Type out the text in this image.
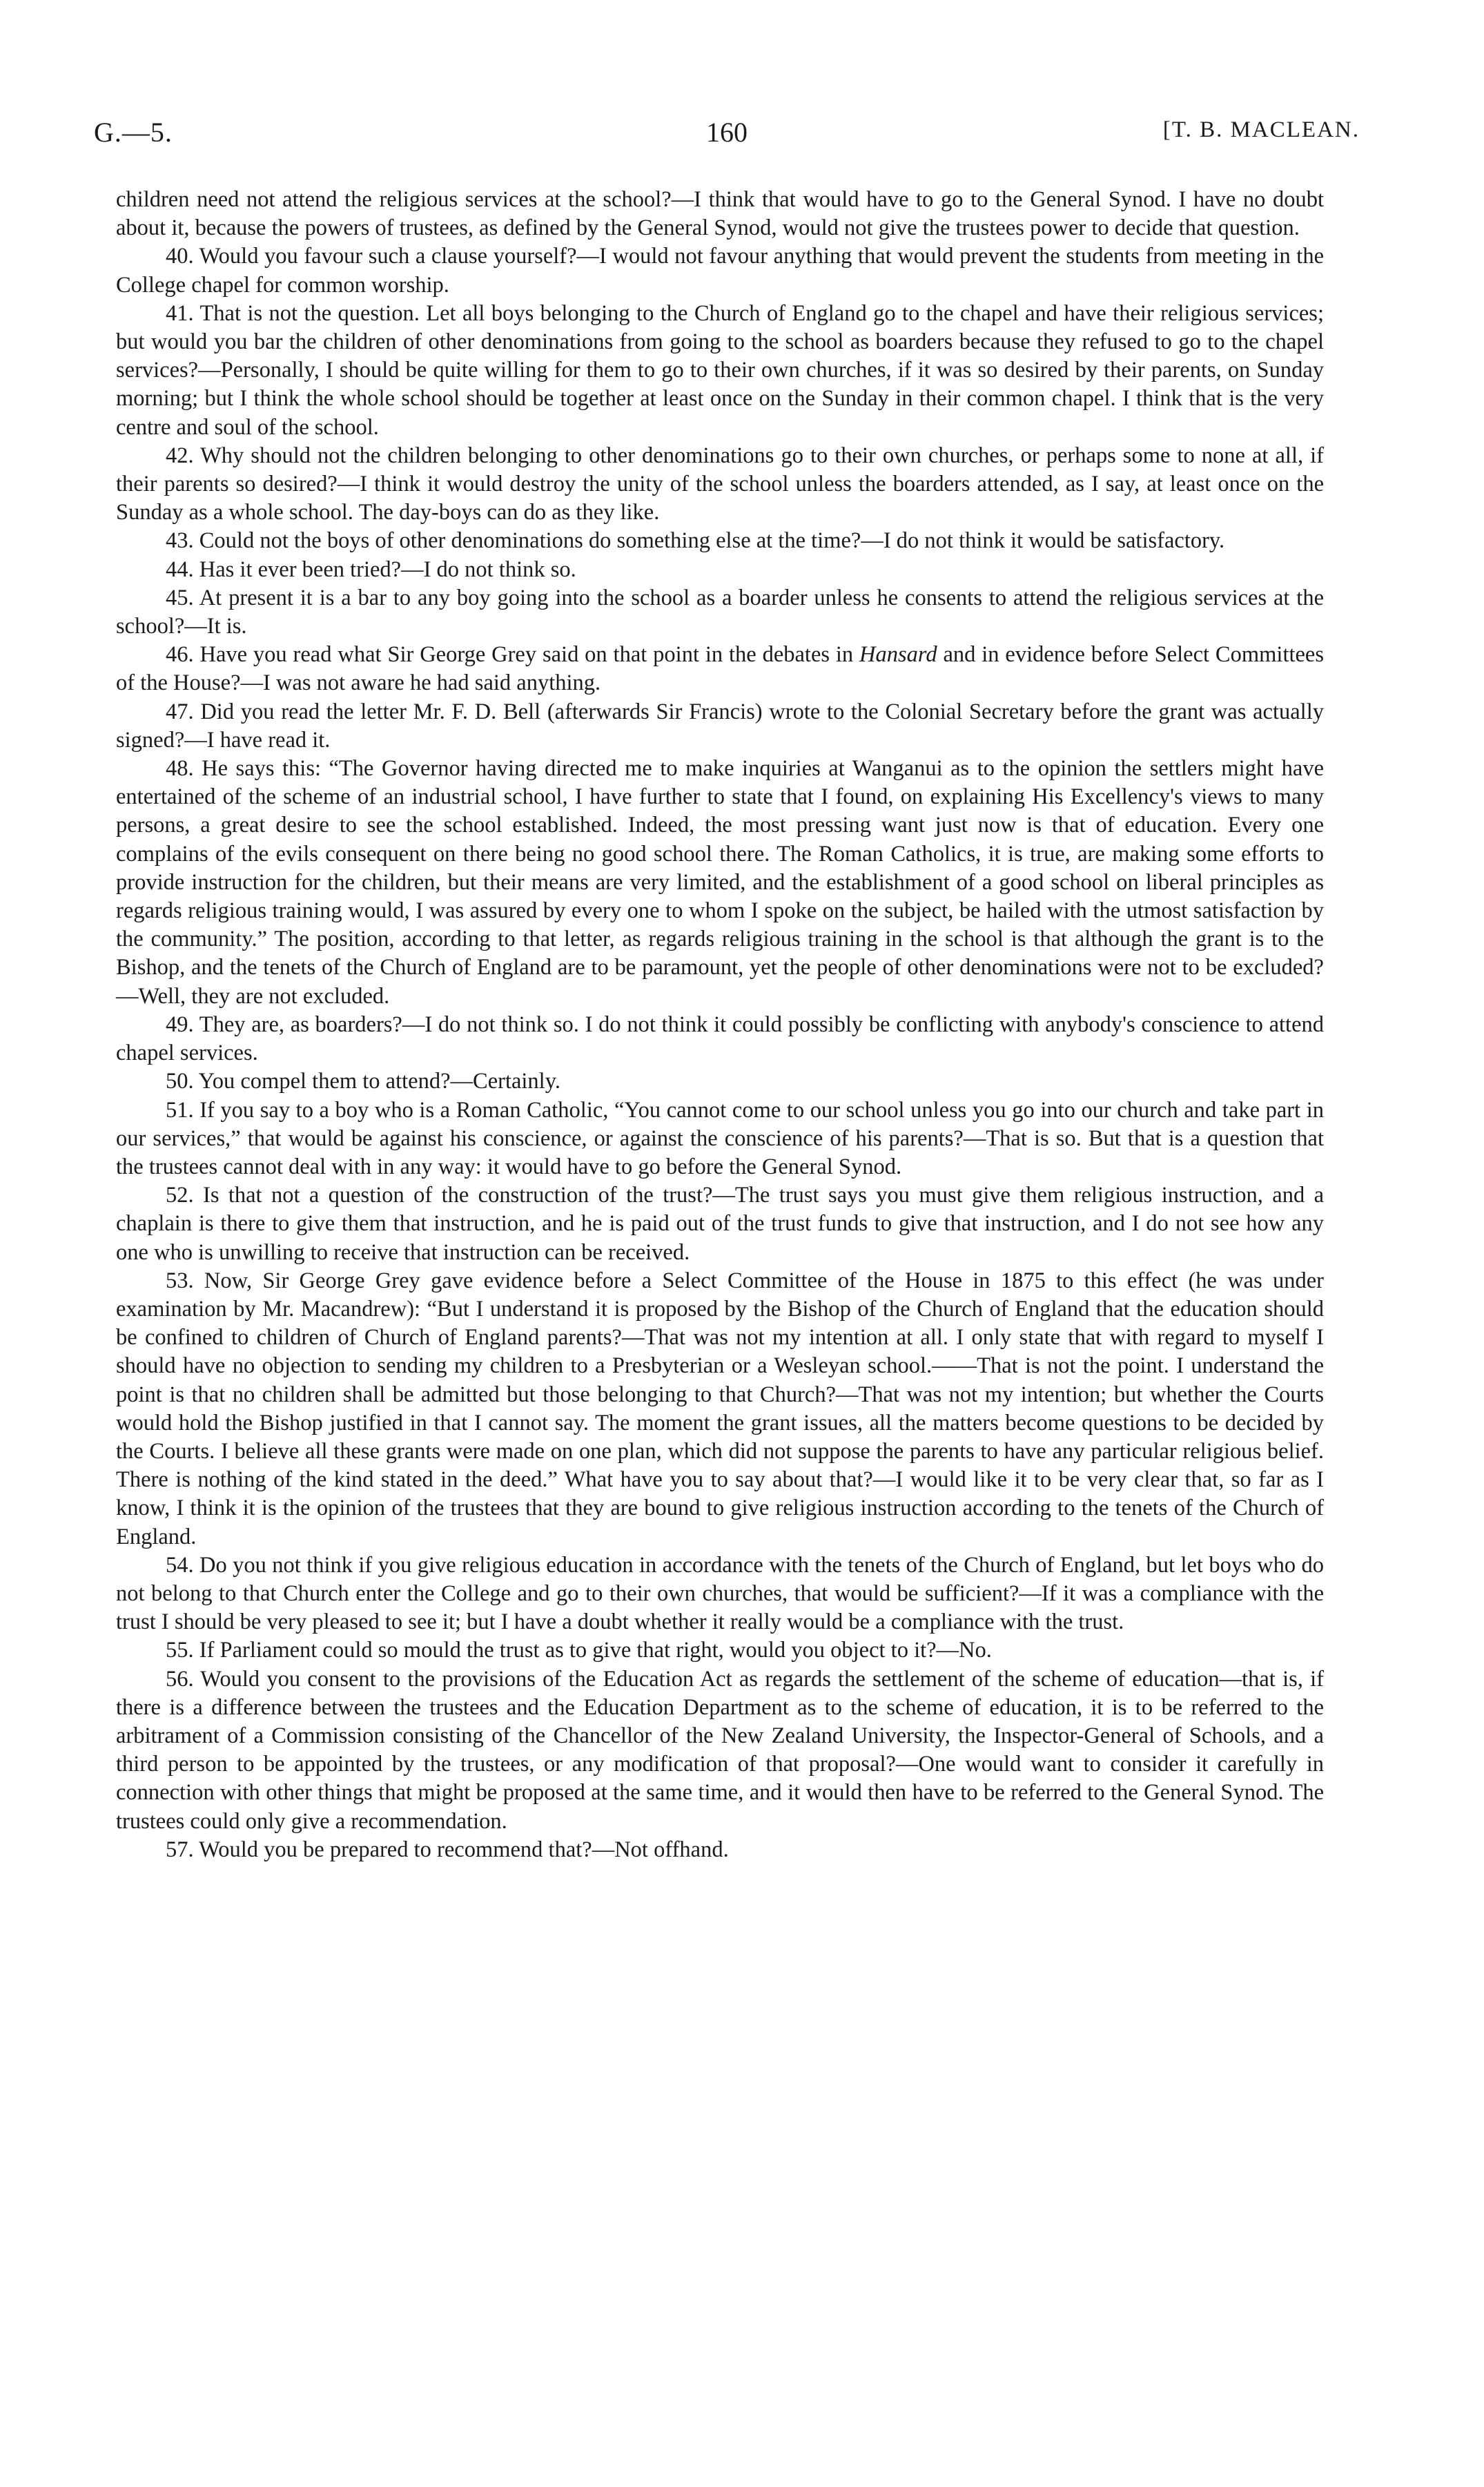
G.—5.	160	[T. B. MACLEAN.

children need not attend the religious services at the school?—I think that would have to go to the General Synod. I have no doubt about it, because the powers of trustees, as defined by the General Synod, would not give the trustees power to decide that question.

40. Would you favour such a clause yourself?—I would not favour anything that would prevent the students from meeting in the College chapel for common worship.

41. That is not the question. Let all boys belonging to the Church of England go to the chapel and have their religious services; but would you bar the children of other denominations from going to the school as boarders because they refused to go to the chapel services?—Personally, I should be quite willing for them to go to their own churches, if it was so desired by their parents, on Sunday morning; but I think the whole school should be together at least once on the Sunday in their common chapel. I think that is the very centre and soul of the school.

42. Why should not the children belonging to other denominations go to their own churches, or perhaps some to none at all, if their parents so desired?—I think it would destroy the unity of the school unless the boarders attended, as I say, at least once on the Sunday as a whole school. The day-boys can do as they like.

43. Could not the boys of other denominations do something else at the time?—I do not think it would be satisfactory.

44. Has it ever been tried?—I do not think so.

45. At present it is a bar to any boy going into the school as a boarder unless he consents to attend the religious services at the school?—It is.

46. Have you read what Sir George Grey said on that point in the debates in Hansard and in evidence before Select Committees of the House?—I was not aware he had said anything.

47. Did you read the letter Mr. F. D. Bell (afterwards Sir Francis) wrote to the Colonial Secretary before the grant was actually signed?—I have read it.

48. He says this: “The Governor having directed me to make inquiries at Wanganui as to the opinion the settlers might have entertained of the scheme of an industrial school, I have further to state that I found, on explaining His Excellency's views to many persons, a great desire to see the school established. Indeed, the most pressing want just now is that of education. Every one complains of the evils consequent on there being no good school there. The Roman Catholics, it is true, are making some efforts to provide instruction for the children, but their means are very limited, and the establishment of a good school on liberal principles as regards religious training would, I was assured by every one to whom I spoke on the subject, be hailed with the utmost satisfaction by the community.” The position, according to that letter, as regards religious training in the school is that although the grant is to the Bishop, and the tenets of the Church of England are to be paramount, yet the people of other denominations were not to be excluded?—Well, they are not excluded.

49. They are, as boarders?—I do not think so. I do not think it could possibly be conflicting with anybody's conscience to attend chapel services.

50. You compel them to attend?—Certainly.

51. If you say to a boy who is a Roman Catholic, “You cannot come to our school unless you go into our church and take part in our services,” that would be against his conscience, or against the conscience of his parents?—That is so. But that is a question that the trustees cannot deal with in any way: it would have to go before the General Synod.

52. Is that not a question of the construction of the trust?—The trust says you must give them religious instruction, and a chaplain is there to give them that instruction, and he is paid out of the trust funds to give that instruction, and I do not see how any one who is unwilling to receive that instruction can be received.

53. Now, Sir George Grey gave evidence before a Select Committee of the House in 1875 to this effect (he was under examination by Mr. Macandrew): “But I understand it is proposed by the Bishop of the Church of England that the education should be confined to children of Church of England parents?—That was not my intention at all. I only state that with regard to myself I should have no objection to sending my children to a Presbyterian or a Wesleyan school.——That is not the point. I understand the point is that no children shall be admitted but those belonging to that Church?—That was not my intention; but whether the Courts would hold the Bishop justified in that I cannot say. The moment the grant issues, all the matters become questions to be decided by the Courts. I believe all these grants were made on one plan, which did not suppose the parents to have any particular religious belief. There is nothing of the kind stated in the deed.” What have you to say about that?—I would like it to be very clear that, so far as I know, I think it is the opinion of the trustees that they are bound to give religious instruction according to the tenets of the Church of England.

54. Do you not think if you give religious education in accordance with the tenets of the Church of England, but let boys who do not belong to that Church enter the College and go to their own churches, that would be sufficient?—If it was a compliance with the trust I should be very pleased to see it; but I have a doubt whether it really would be a compliance with the trust.

55. If Parliament could so mould the trust as to give that right, would you object to it?—No.

56. Would you consent to the provisions of the Education Act as regards the settlement of the scheme of education—that is, if there is a difference between the trustees and the Education Department as to the scheme of education, it is to be referred to the arbitrament of a Commission consisting of the Chancellor of the New Zealand University, the Inspector-General of Schools, and a third person to be appointed by the trustees, or any modification of that proposal?—One would want to consider it carefully in connection with other things that might be proposed at the same time, and it would then have to be referred to the General Synod. The trustees could only give a recommendation.

57. Would you be prepared to recommend that?—Not offhand.
